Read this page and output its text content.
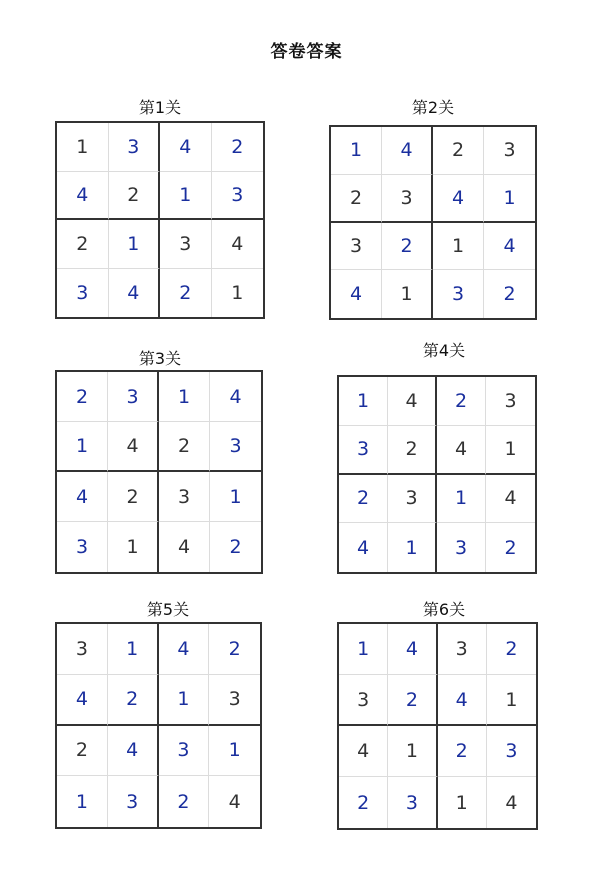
答卷答案
第1关
1	3	4	2
4	2	1	3
2	1	3	4
3	4	2	1
第2关
1	4	2	3
2	3	4	1
3	2	1	4
4	1	3	2
第3关
2	3	1	4
1	4	2	3
4	2	3	1
3	1	4	2
第4关
1	4	2	3
3	2	4	1
2	3	1	4
4	1	3	2
第5关
3	1	4	2
4	2	1	3
2	4	3	1
1	3	2	4
第6关
1	4	3	2
3	2	4	1
4	1	2	3
2	3	1	4
